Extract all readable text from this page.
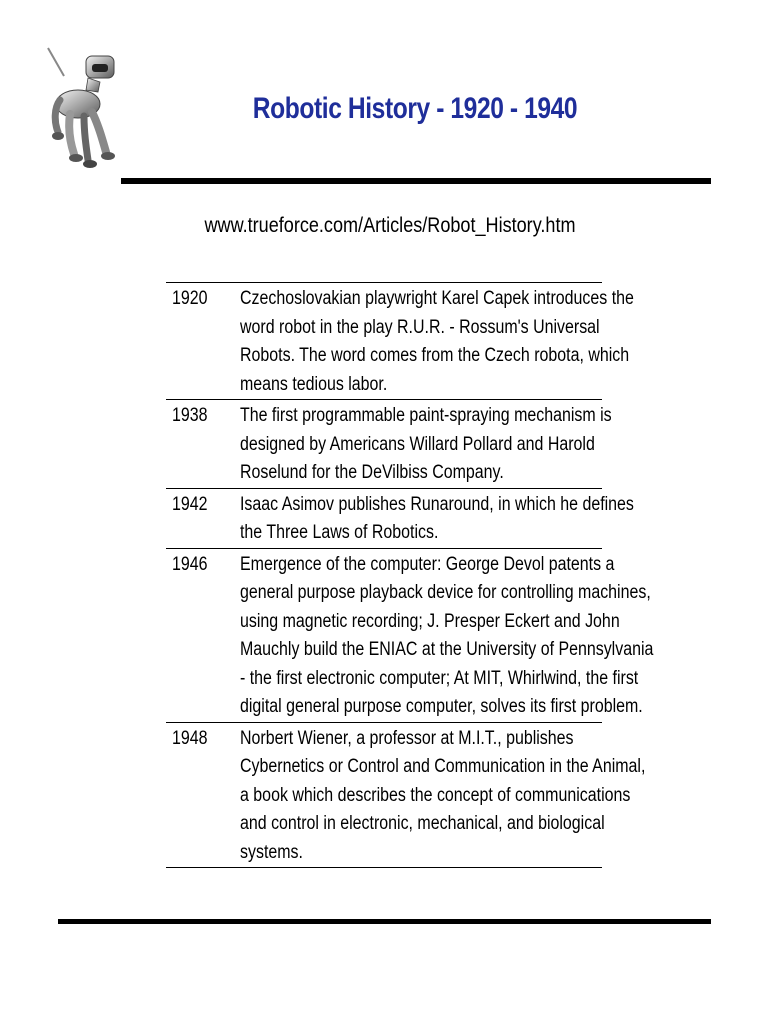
Robotic History - 1920 - 1940
www.trueforce.com/Articles/Robot_History.htm
1920	Czechoslovakian playwright Karel Capek introduces the
word robot in the play R.U.R. - Rossum's Universal
Robots. The word comes from the Czech robota, which
means tedious labor.
1938	The first programmable paint-spraying mechanism is
designed by Americans Willard Pollard and Harold
Roselund for the DeVilbiss Company.
1942	Isaac Asimov publishes Runaround, in which he defines
the Three Laws of Robotics.
1946	Emergence of the computer: George Devol patents a
general purpose playback device for controlling machines,
using magnetic recording; J. Presper Eckert and John
Mauchly build the ENIAC at the University of Pennsylvania
- the first electronic computer; At MIT, Whirlwind, the first
digital general purpose computer, solves its first problem.
1948	Norbert Wiener, a professor at M.I.T., publishes
Cybernetics or Control and Communication in the Animal,
a book which describes the concept of communications
and control in electronic, mechanical, and biological
systems.
